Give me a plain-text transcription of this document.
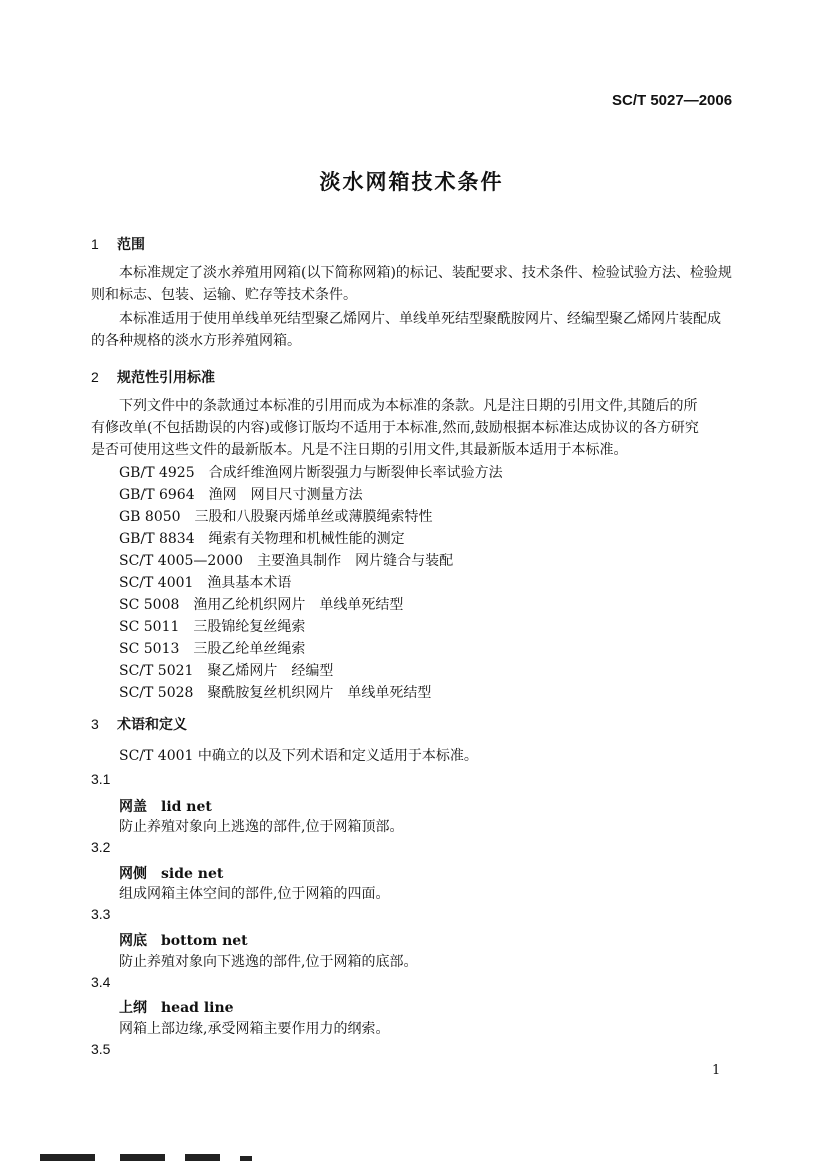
SC/T 5027—2006
淡水网箱技术条件
1 范围
本标准规定了淡水养殖用网箱(以下简称网箱)的标记、装配要求、技术条件、检验试验方法、检验规
则和标志、包装、运输、贮存等技术条件。
本标准适用于使用单线单死结型聚乙烯网片、单线单死结型聚酰胺网片、经编型聚乙烯网片装配成
的各种规格的淡水方形养殖网箱。
2 规范性引用标准
下列文件中的条款通过本标准的引用而成为本标准的条款。凡是注日期的引用文件,其随后的所
有修改单(不包括勘误的内容)或修订版均不适用于本标准,然而,鼓励根据本标准达成协议的各方研究
是否可使用这些文件的最新版本。凡是不注日期的引用文件,其最新版本适用于本标准。
GB/T 4925　合成纤维渔网片断裂强力与断裂伸长率试验方法
GB/T 6964　渔网　网目尺寸测量方法
GB 8050　三股和八股聚丙烯单丝或薄膜绳索特性
GB/T 8834　绳索有关物理和机械性能的测定
SC/T 4005—2000　主要渔具制作　网片缝合与装配
SC/T 4001　渔具基本术语
SC 5008　渔用乙纶机织网片　单线单死结型
SC 5011　三股锦纶复丝绳索
SC 5013　三股乙纶单丝绳索
SC/T 5021　聚乙烯网片　经编型
SC/T 5028　聚酰胺复丝机织网片　单线单死结型
3 术语和定义
SC/T 4001 中确立的以及下列术语和定义适用于本标准。
3.1
网盖 lid net
防止养殖对象向上逃逸的部件,位于网箱顶部。
3.2
网侧 side net
组成网箱主体空间的部件,位于网箱的四面。
3.3
网底 bottom net
防止养殖对象向下逃逸的部件,位于网箱的底部。
3.4
上纲 head line
网箱上部边缘,承受网箱主要作用力的纲索。
3.5
1
